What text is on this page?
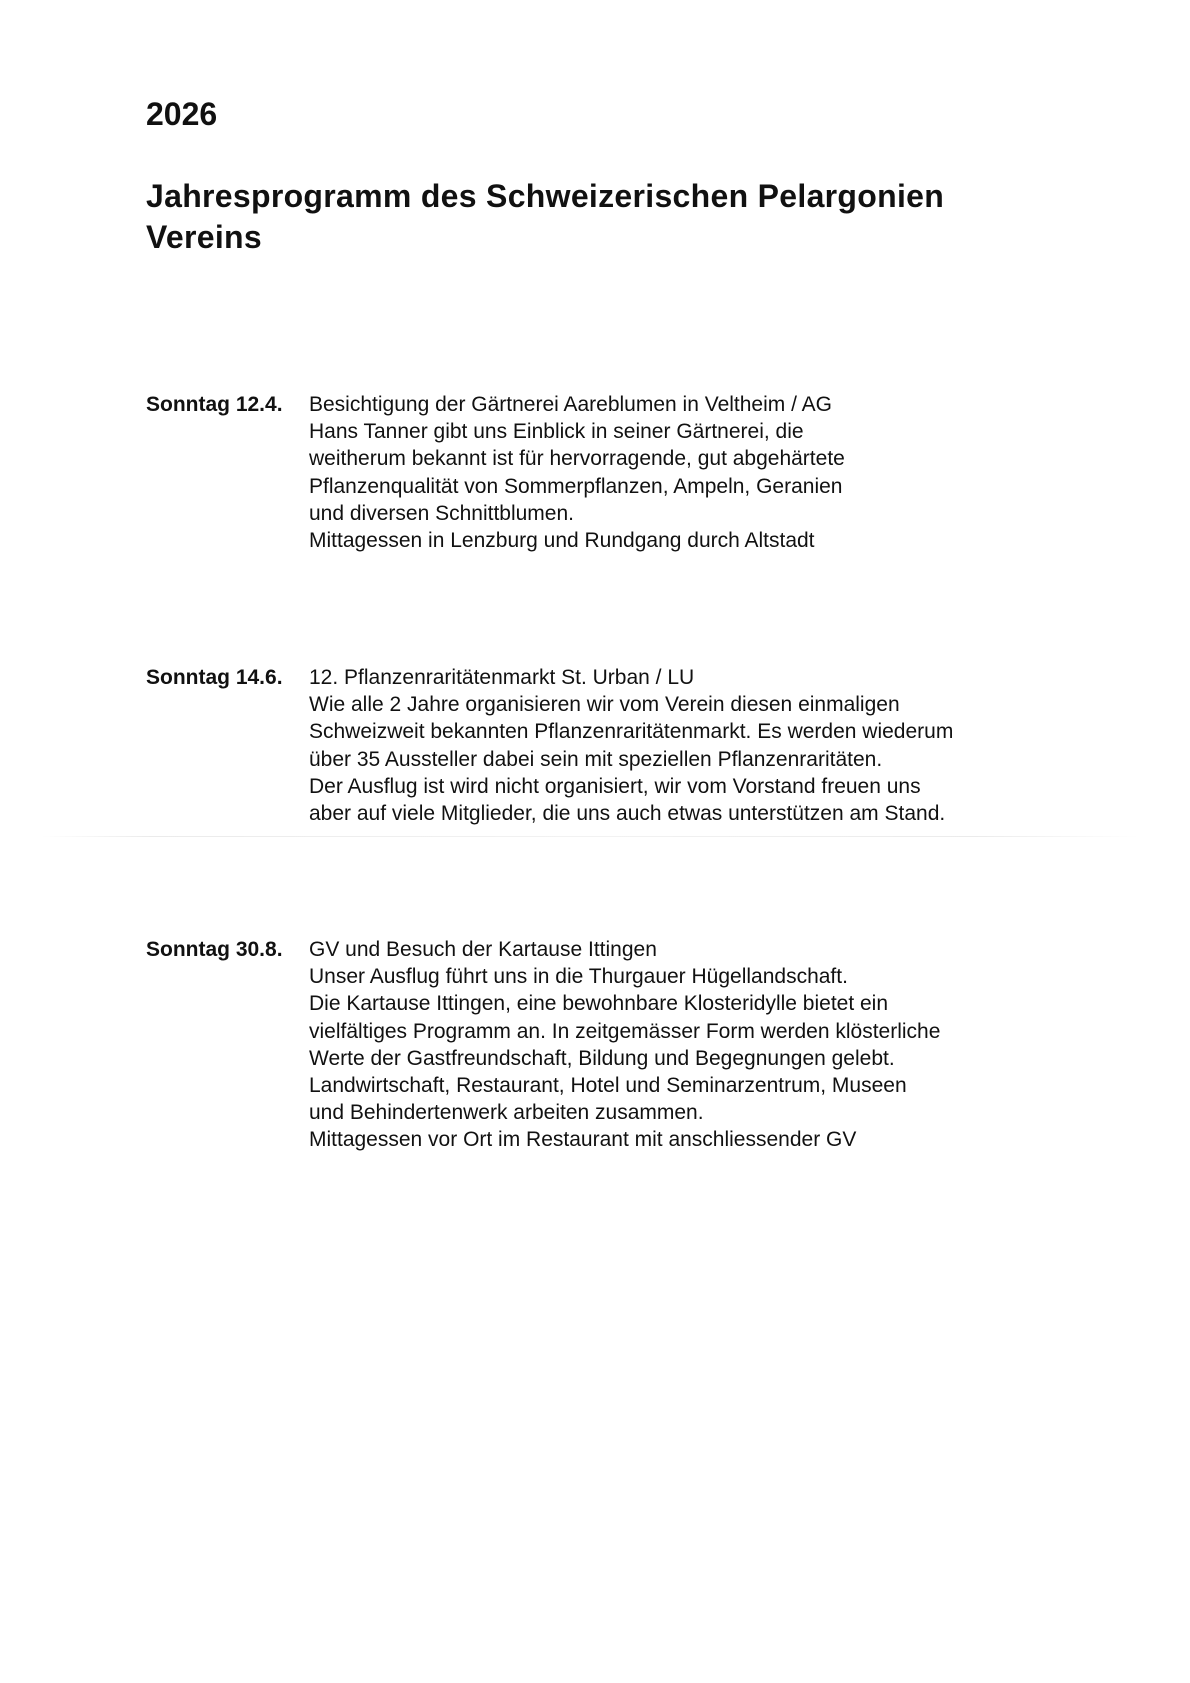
2026
Jahresprogramm des Schweizerischen Pelargonien Vereins
Sonntag 12.4.	Besichtigung der Gärtnerei Aareblumen in Veltheim / AG
Hans Tanner gibt uns Einblick in seiner Gärtnerei, die
weitherum bekannt ist für hervorragende, gut abgehärtete
Pflanzenqualität von Sommerpflanzen, Ampeln, Geranien
und diversen Schnittblumen.
Mittagessen in Lenzburg und Rundgang durch Altstadt
Sonntag 14.6.	12. Pflanzenraritätenmarkt St. Urban / LU
Wie alle 2 Jahre organisieren wir vom Verein diesen einmaligen
Schweizweit bekannten Pflanzenraritätenmarkt. Es werden wiederum
über 35 Aussteller dabei sein mit speziellen Pflanzenraritäten.
Der Ausflug ist wird nicht organisiert, wir vom Vorstand freuen uns
aber auf viele Mitglieder, die uns auch etwas unterstützen am Stand.
Sonntag 30.8.	GV und Besuch der Kartause Ittingen
Unser Ausflug führt uns in die Thurgauer Hügellandschaft.
Die Kartause Ittingen, eine bewohnbare Klosteridylle bietet ein
vielfältiges Programm an. In zeitgemässer Form werden klösterliche
Werte der Gastfreundschaft, Bildung und Begegnungen gelebt.
Landwirtschaft, Restaurant, Hotel und Seminarzentrum, Museen
und Behindertenwerk arbeiten zusammen.
Mittagessen vor Ort im Restaurant mit anschliessender GV
